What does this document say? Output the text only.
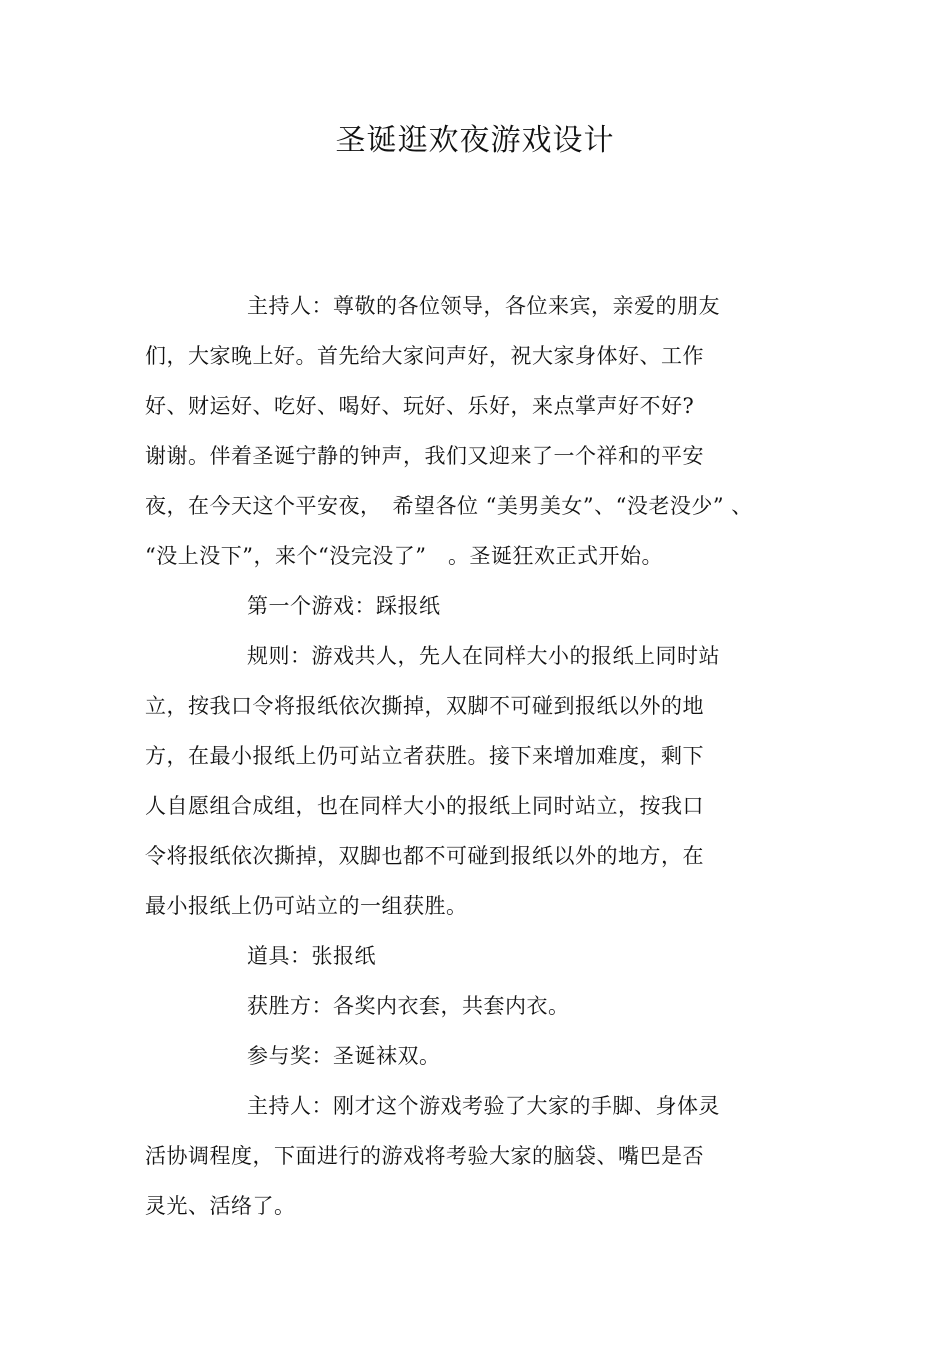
圣诞逛欢夜游戏设计
主持人：尊敬的各位领导，各位来宾，亲爱的朋友
们，大家晚上好。首先给大家问声好，祝大家身体好、工作
好、财运好、吃好、喝好、玩好、乐好，来点掌声好不好?
谢谢。伴着圣诞宁静的钟声，我们又迎来了一个祥和的平安
夜，在今天这个平安夜，　希望各位 “美男美女”、“没老没少” 、
“没上没下”，来个“没完没了”　。圣诞狂欢正式开始。
第一个游戏：踩报纸
规则：游戏共人，先人在同样大小的报纸上同时站
立，按我口令将报纸依次撕掉，双脚不可碰到报纸以外的地
方，在最小报纸上仍可站立者获胜。接下来增加难度，剩下
人自愿组合成组，也在同样大小的报纸上同时站立，按我口
令将报纸依次撕掉，双脚也都不可碰到报纸以外的地方，在
最小报纸上仍可站立的一组获胜。
道具：张报纸
获胜方：各奖内衣套，共套内衣。
参与奖：圣诞袜双。
主持人：刚才这个游戏考验了大家的手脚、身体灵
活协调程度，下面进行的游戏将考验大家的脑袋、嘴巴是否
灵光、活络了。
